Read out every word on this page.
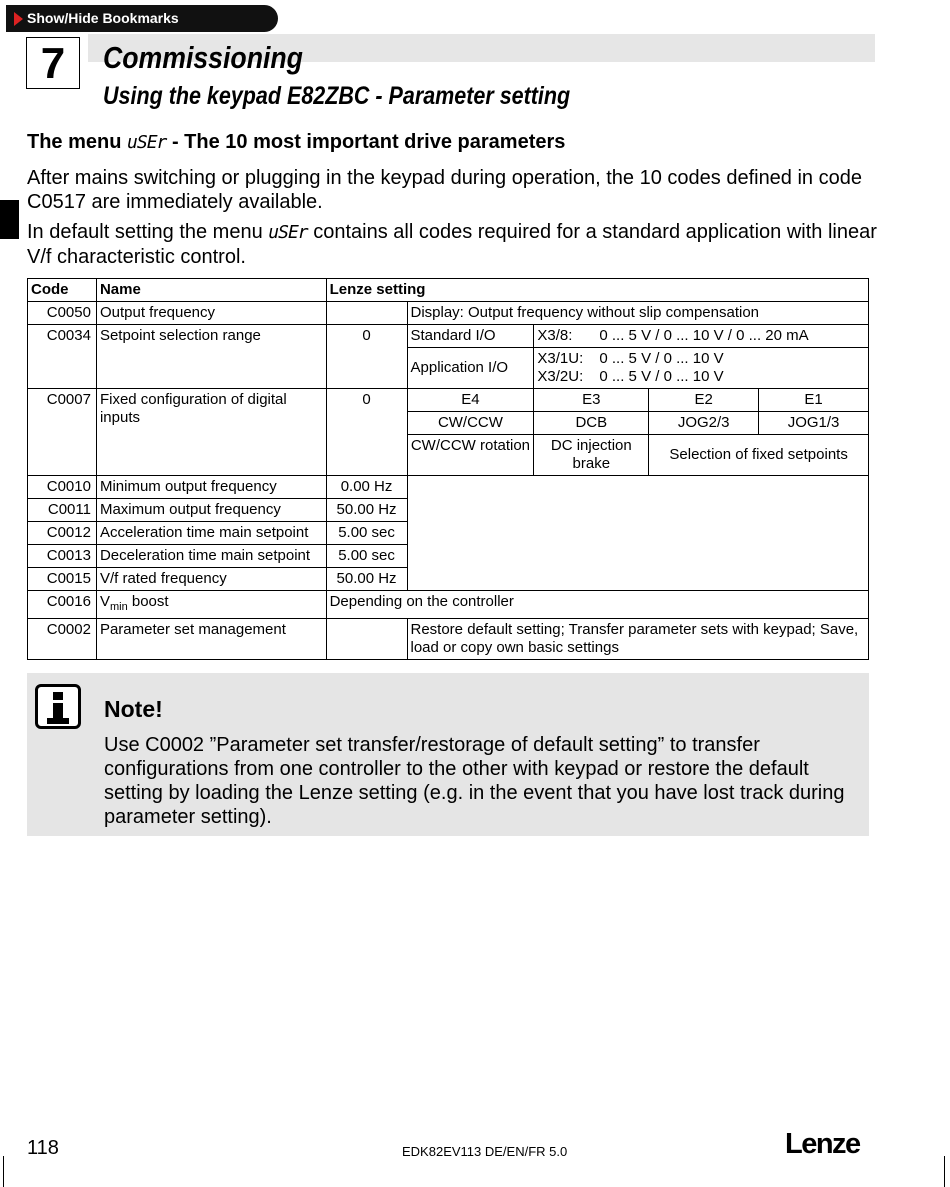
Show/Hide Bookmarks
7	Commissioning
Using the keypad E82ZBC - Parameter setting
The menu uSEr - The 10 most important drive parameters
After mains switching or plugging in the keypad during operation, the 10 codes defined in code C0517 are immediately available.
In default setting the menu uSEr contains all codes required for a standard application with linear V/f characteristic control.
Code	Name	Lenze setting				
C0050	Output frequency		Display: Output frequency without slip compensation			
C0034	Setpoint selection range	0	Standard I/O	X3/8: 0 ... 5 V / 0 ... 10 V / 0 ... 20 mA		
			Application I/O	X3/1U: 0 ... 5 V / 0 ... 10 V
X3/2U: 0 ... 5 V / 0 ... 10 V		
C0007	Fixed configuration of digital inputs	0	E4	E3	E2	E1
			CW/CCW	DCB	JOG2/3	JOG1/3
			CW/CCW rotation	DC injection brake	Selection of fixed setpoints	
C0010	Minimum output frequency	0.00 Hz				
C0011	Maximum output frequency	50.00 Hz				
C0012	Acceleration time main setpoint	5.00 sec				
C0013	Deceleration time main setpoint	5.00 sec				
C0015	V/f rated frequency	50.00 Hz				
C0016	$V_{min}$ boost	Depending on the controller				
C0002	Parameter set management		Restore default setting; Transfer parameter sets with keypad; Save, load or copy own basic settings			
Note!
Use C0002 ”Parameter set transfer/restorage of default setting” to transfer configurations from one controller to the other with keypad or restore the default setting by loading the Lenze setting (e.g. in the event that you have lost track during parameter setting).
118	EDK82EV113 DE/EN/FR 5.0	Lenze
